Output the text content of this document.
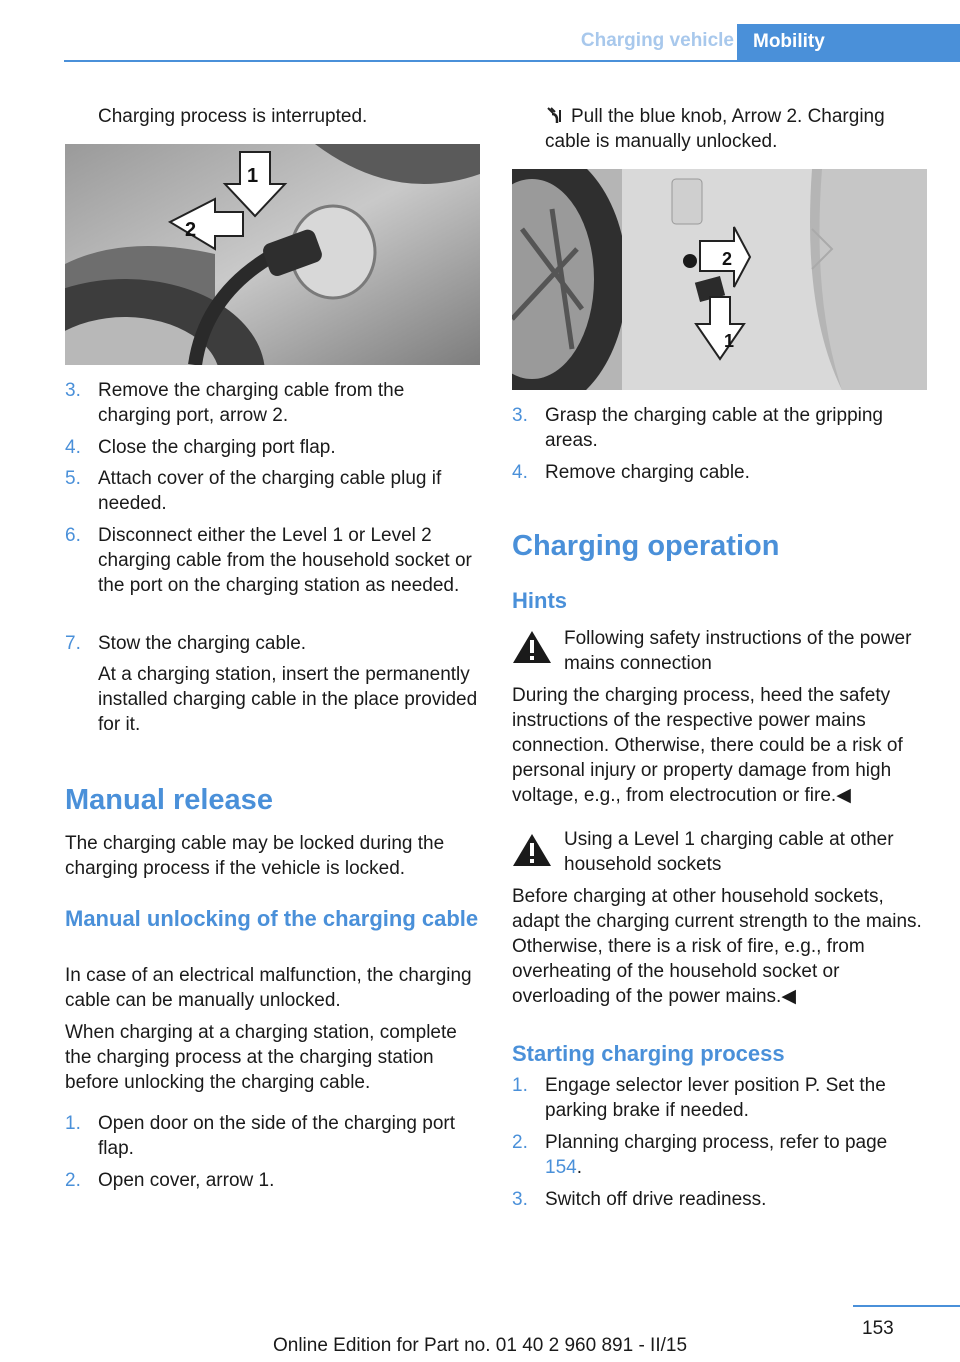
Charging vehicle	Mobility
Charging process is interrupted.
1
2
3. Remove the charging cable from the charging port, arrow 2.
4. Close the charging port flap.
5. Attach cover of the charging cable plug if needed.
6. Disconnect either the Level 1 or Level 2 charging cable from the household socket or the port on the charging station as needed.
7. Stow the charging cable.
At a charging station, insert the permanently installed charging cable in the place provided for it.
Manual release
The charging cable may be locked during the charging process if the vehicle is locked.
Manual unlocking of the charging cable
In case of an electrical malfunction, the charging cable can be manually unlocked.
When charging at a charging station, complete the charging process at the charging station before unlocking the charging cable.
1. Open door on the side of the charging port flap.
2. Open cover, arrow 1.
Pull the blue knob, Arrow 2. Charging cable is manually unlocked.
2
1
3. Grasp the charging cable at the gripping areas.
4. Remove charging cable.
Charging operation
Hints
Following safety instructions of the power mains connection
During the charging process, heed the safety instructions of the respective power mains connection. Otherwise, there could be a risk of personal injury or property damage from high voltage, e.g., from electrocution or fire.◀
Using a Level 1 charging cable at other household sockets
Before charging at other household sockets, adapt the charging current strength to the mains. Otherwise, there is a risk of fire, e.g., from overheating of the household socket or overloading of the power mains.◀
Starting charging process
1. Engage selector lever position P. Set the parking brake if needed.
2. Planning charging process, refer to page 154.
3. Switch off drive readiness.
153
Online Edition for Part no. 01 40 2 960 891 - II/15
